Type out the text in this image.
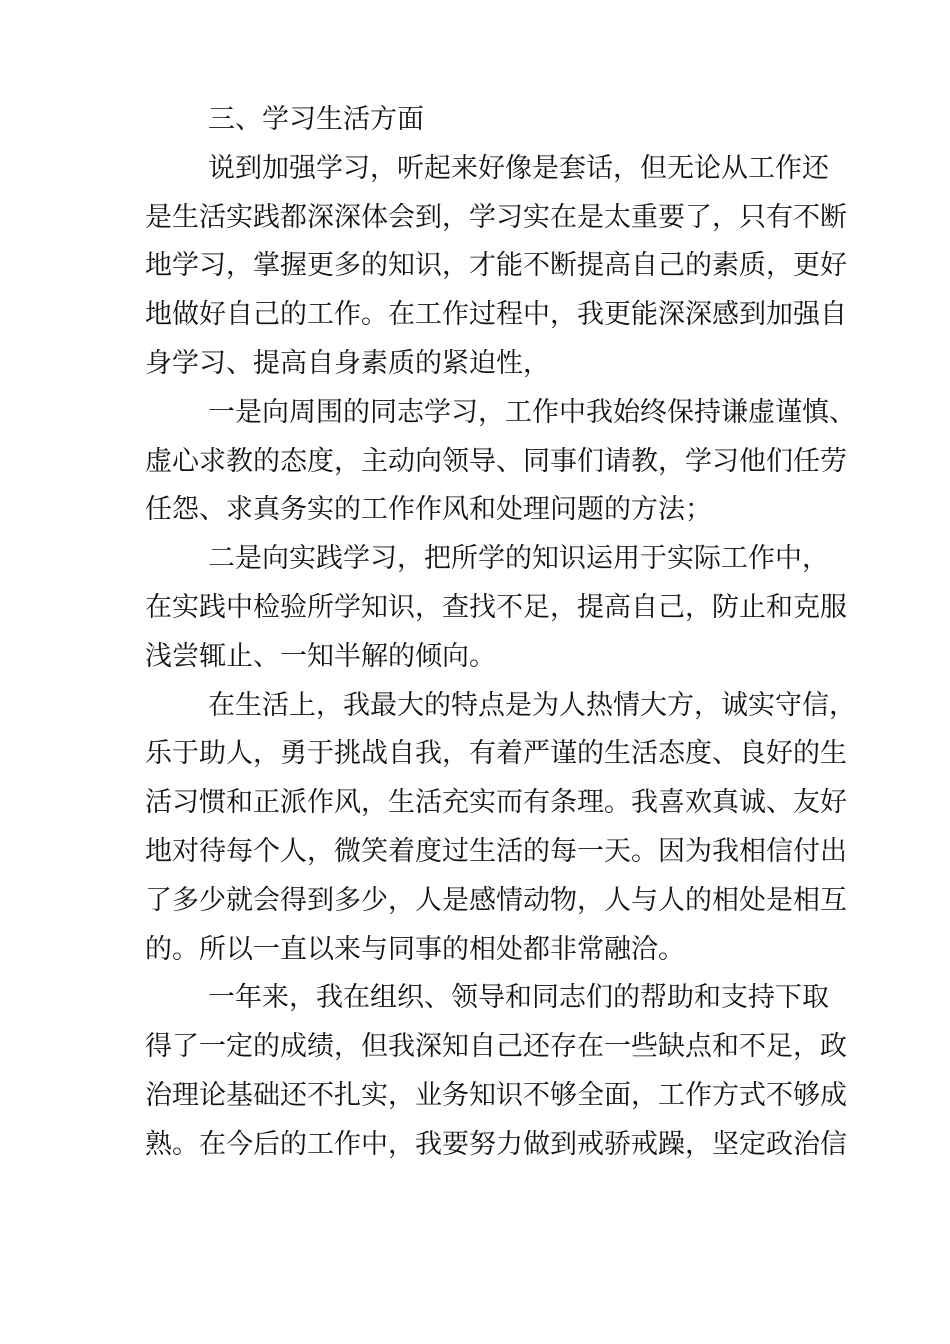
三、学习生活方面
说到加强学习，听起来好像是套话，但无论从工作还
是生活实践都深深体会到，学习实在是太重要了，只有不断
地学习，掌握更多的知识，才能不断提高自己的素质，更好
地做好自己的工作。在工作过程中，我更能深深感到加强自
身学习、提高自身素质的紧迫性，
一是向周围的同志学习，工作中我始终保持谦虚谨慎、
虚心求教的态度，主动向领导、同事们请教，学习他们任劳
任怨、求真务实的工作作风和处理问题的方法；
二是向实践学习，把所学的知识运用于实际工作中，
在实践中检验所学知识，查找不足，提高自己，防止和克服
浅尝辄止、一知半解的倾向。
在生活上，我最大的特点是为人热情大方，诚实守信，
乐于助人，勇于挑战自我，有着严谨的生活态度、良好的生
活习惯和正派作风，生活充实而有条理。我喜欢真诚、友好
地对待每个人，微笑着度过生活的每一天。因为我相信付出
了多少就会得到多少，人是感情动物，人与人的相处是相互
的。所以一直以来与同事的相处都非常融洽。
一年来，我在组织、领导和同志们的帮助和支持下取
得了一定的成绩，但我深知自己还存在一些缺点和不足，政
治理论基础还不扎实，业务知识不够全面，工作方式不够成
熟。在今后的工作中，我要努力做到戒骄戒躁，坚定政治信
